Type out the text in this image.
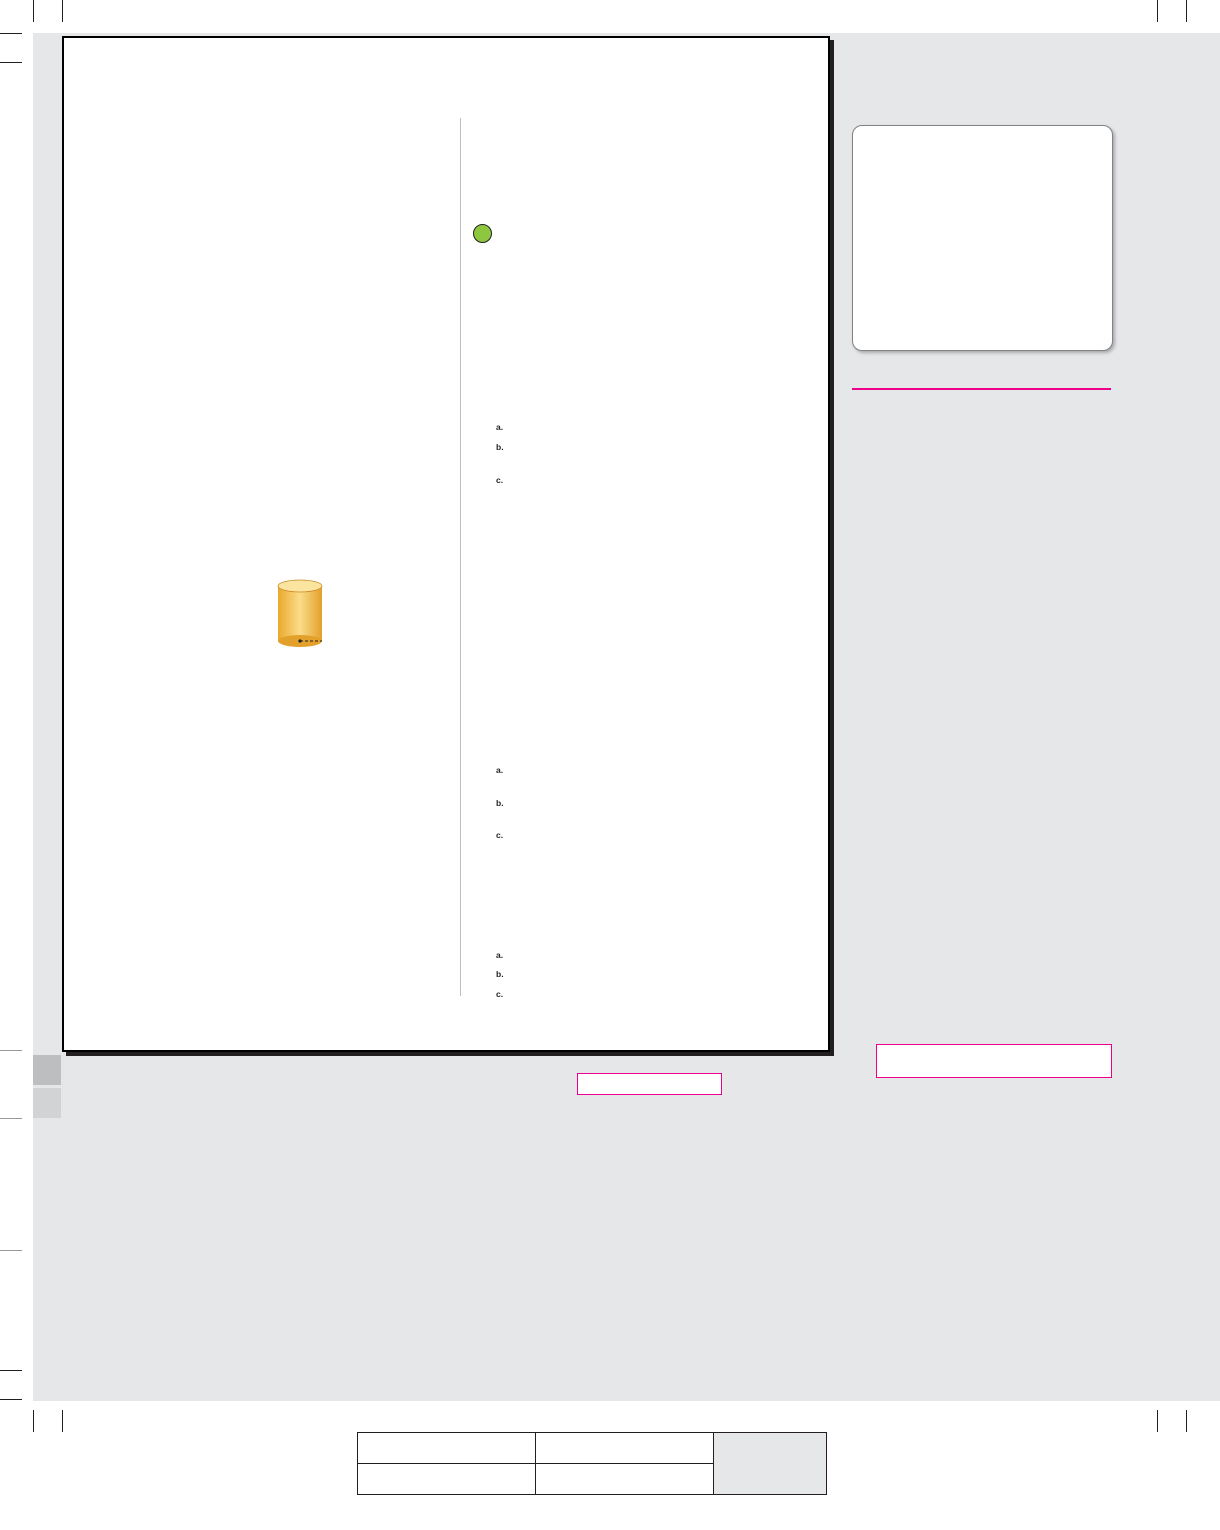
a.
b.

c.

a.

b.

c.

a.
b.
c.
